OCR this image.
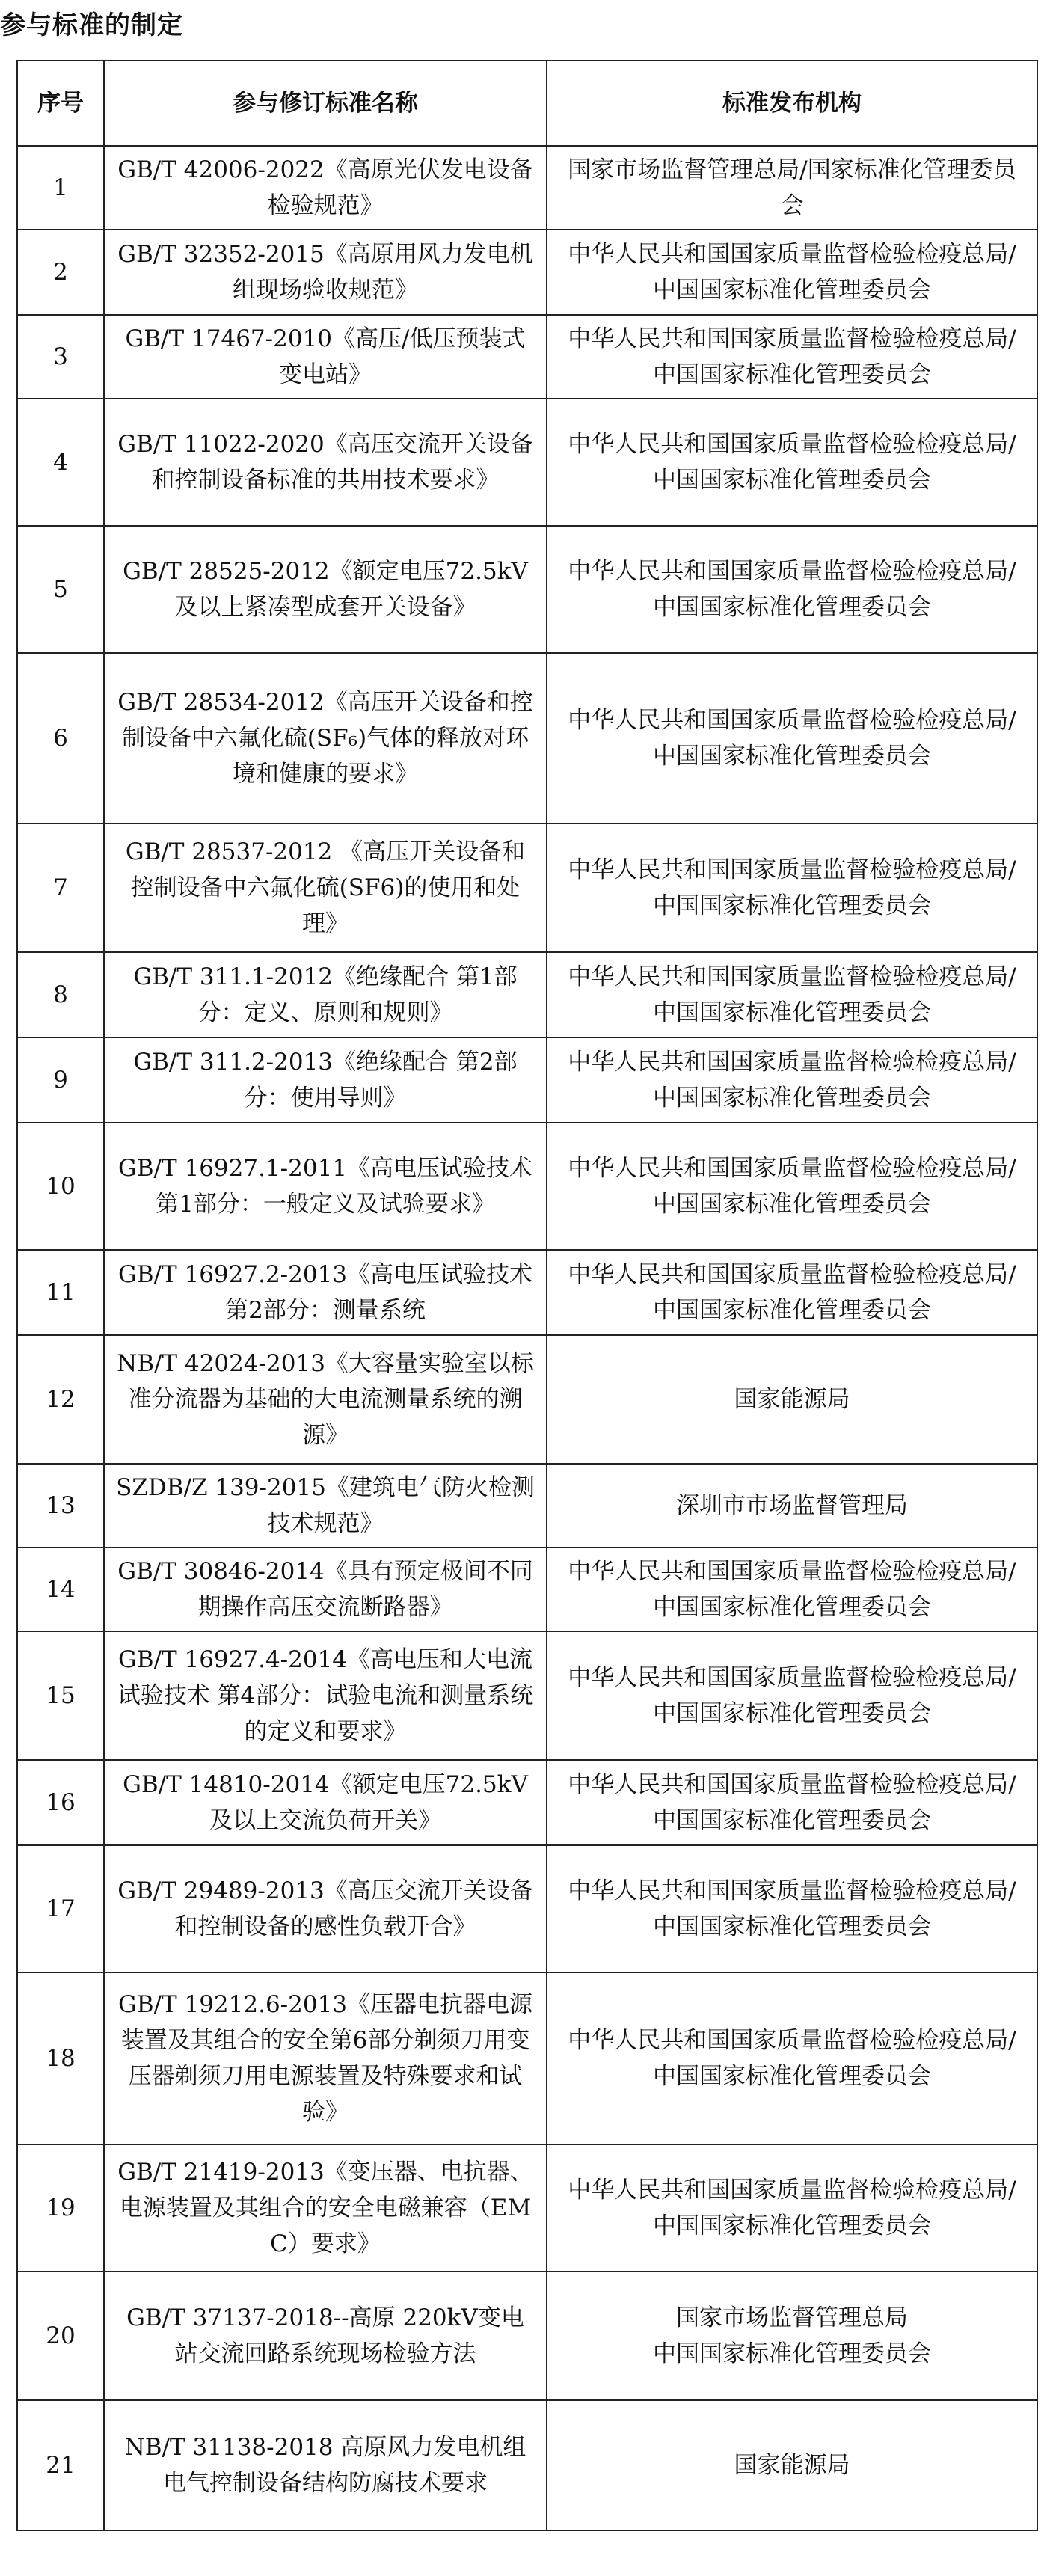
参与标准的制定
序号	参与修订标准名称	标准发布机构
1	GB/T 42006-2022《高原光伏发电设备检验规范》	国家市场监督管理总局/国家标准化管理委员会
2	GB/T 32352-2015《高原用风力发电机组现场验收规范》	中华人民共和国国家质量监督检验检疫总局/中国国家标准化管理委员会
3	GB/T 17467-2010《高压/低压预装式变电站》	中华人民共和国国家质量监督检验检疫总局/中国国家标准化管理委员会
4	GB/T 11022-2020《高压交流开关设备和控制设备标准的共用技术要求》	中华人民共和国国家质量监督检验检疫总局/中国国家标准化管理委员会
5	GB/T 28525-2012《额定电压72.5kV 及以上紧凑型成套开关设备》	中华人民共和国国家质量监督检验检疫总局/中国国家标准化管理委员会
6	GB/T 28534-2012《高压开关设备和控制设备中六氟化硫(SF₆)气体的释放对环境和健康的要求》	中华人民共和国国家质量监督检验检疫总局/中国国家标准化管理委员会
7	GB/T 28537-2012 《高压开关设备和控制设备中六氟化硫(SF6)的使用和处理》	中华人民共和国国家质量监督检验检疫总局/中国国家标准化管理委员会
8	GB/T 311.1-2012《绝缘配合 第1部分：定义、原则和规则》	中华人民共和国国家质量监督检验检疫总局/中国国家标准化管理委员会
9	GB/T 311.2-2013《绝缘配合 第2部分：使用导则》	中华人民共和国国家质量监督检验检疫总局/中国国家标准化管理委员会
10	GB/T 16927.1-2011《高电压试验技术 第1部分：一般定义及试验要求》	中华人民共和国国家质量监督检验检疫总局/中国国家标准化管理委员会
11	GB/T 16927.2-2013《高电压试验技术 第2部分：测量系统	中华人民共和国国家质量监督检验检疫总局/中国国家标准化管理委员会
12	NB/T 42024-2013《大容量实验室以标准分流器为基础的大电流测量系统的溯源》	国家能源局
13	SZDB/Z 139-2015《建筑电气防火检测技术规范》	深圳市市场监督管理局
14	GB/T 30846-2014《具有预定极间不同期操作高压交流断路器》	中华人民共和国国家质量监督检验检疫总局/中国国家标准化管理委员会
15	GB/T 16927.4-2014《高电压和大电流试验技术 第4部分：试验电流和测量系统的定义和要求》	中华人民共和国国家质量监督检验检疫总局/中国国家标准化管理委员会
16	GB/T 14810-2014《额定电压72.5kV 及以上交流负荷开关》	中华人民共和国国家质量监督检验检疫总局/中国国家标准化管理委员会
17	GB/T 29489-2013《高压交流开关设备和控制设备的感性负载开合》	中华人民共和国国家质量监督检验检疫总局/中国国家标准化管理委员会
18	GB/T 19212.6-2013《压器电抗器电源装置及其组合的安全第6部分剃须刀用变压器剃须刀用电源装置及特殊要求和试验》	中华人民共和国国家质量监督检验检疫总局/中国国家标准化管理委员会
19	GB/T 21419-2013《变压器、电抗器、电源装置及其组合的安全电磁兼容（EMC）要求》	中华人民共和国国家质量监督检验检疫总局/中国国家标准化管理委员会
20	GB/T 37137-2018--高原 220kV变电站交流回路系统现场检验方法	国家市场监督管理总局
中国国家标准化管理委员会

21	NB/T 31138-2018 高原风力发电机组电气控制设备结构防腐技术要求	国家能源局
